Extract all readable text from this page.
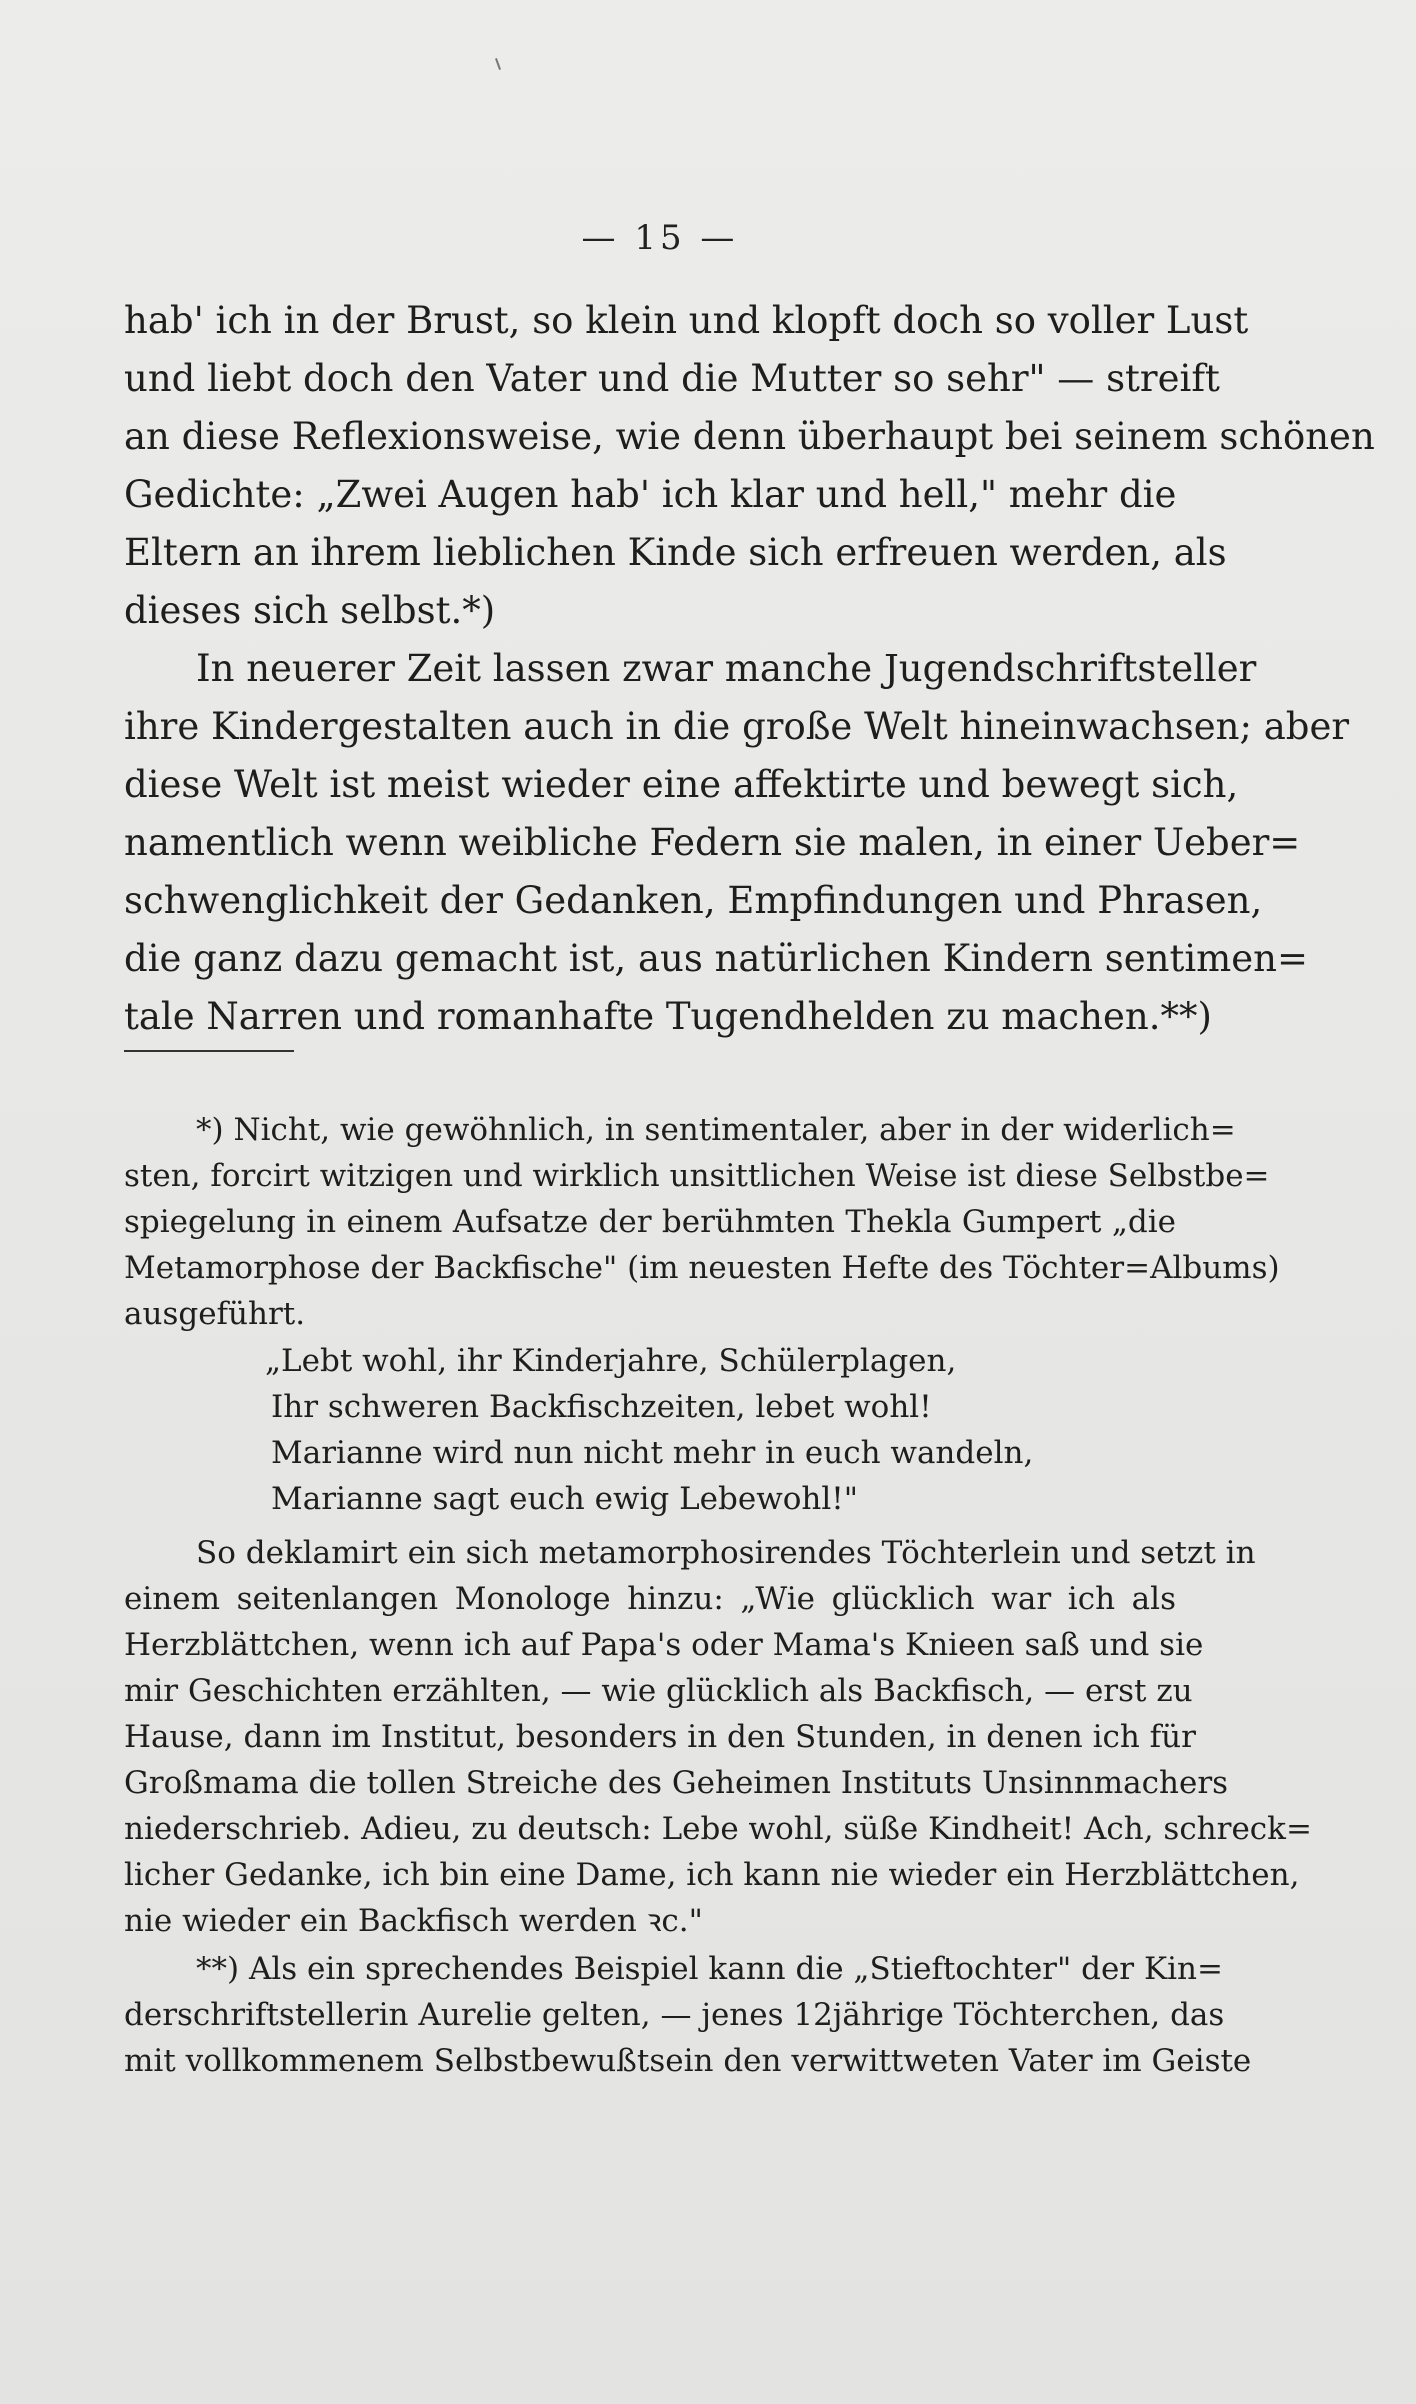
— 15 —
hab' ich in der Brust, so klein und klopft doch so voller Lust
und liebt doch den Vater und die Mutter so sehr" — streift
an diese Reflexionsweise, wie denn überhaupt bei seinem schönen
Gedichte: „Zwei Augen hab' ich klar und hell," mehr die
Eltern an ihrem lieblichen Kinde sich erfreuen werden, als
dieses sich selbst.*)
In neuerer Zeit lassen zwar manche Jugendschriftsteller
ihre Kindergestalten auch in die große Welt hineinwachsen; aber
diese Welt ist meist wieder eine affektirte und bewegt sich,
namentlich wenn weibliche Federn sie malen, in einer Ueber=
schwenglichkeit der Gedanken, Empfindungen und Phrasen,
die ganz dazu gemacht ist, aus natürlichen Kindern sentimen=
tale Narren und romanhafte Tugendhelden zu machen.**)
*) Nicht, wie gewöhnlich, in sentimentaler, aber in der widerlich=
sten, forcirt witzigen und wirklich unsittlichen Weise ist diese Selbstbe=
spiegelung in einem Aufsatze der berühmten Thekla Gumpert „die
Metamorphose der Backfische" (im neuesten Hefte des Töchter=Albums)
ausgeführt.
„Lebt wohl, ihr Kinderjahre, Schülerplagen,
Ihr schweren Backfischzeiten, lebet wohl!
Marianne wird nun nicht mehr in euch wandeln,
Marianne sagt euch ewig Lebewohl!"
So deklamirt ein sich metamorphosirendes Töchterlein und setzt in
einem seitenlangen Monologe hinzu: „Wie glücklich war ich als
Herzblättchen, wenn ich auf Papa's oder Mama's Knieen saß und sie
mir Geschichten erzählten, — wie glücklich als Backfisch, — erst zu
Hause, dann im Institut, besonders in den Stunden, in denen ich für
Großmama die tollen Streiche des Geheimen Instituts Unsinnmachers
niederschrieb. Adieu, zu deutsch: Lebe wohl, süße Kindheit! Ach, schreck=
licher Gedanke, ich bin eine Dame, ich kann nie wieder ein Herzblättchen,
nie wieder ein Backfisch werden ꝛc."
**) Als ein sprechendes Beispiel kann die „Stieftochter" der Kin=
derschriftstellerin Aurelie gelten, — jenes 12jährige Töchterchen, das
mit vollkommenem Selbstbewußtsein den verwittweten Vater im Geiste
